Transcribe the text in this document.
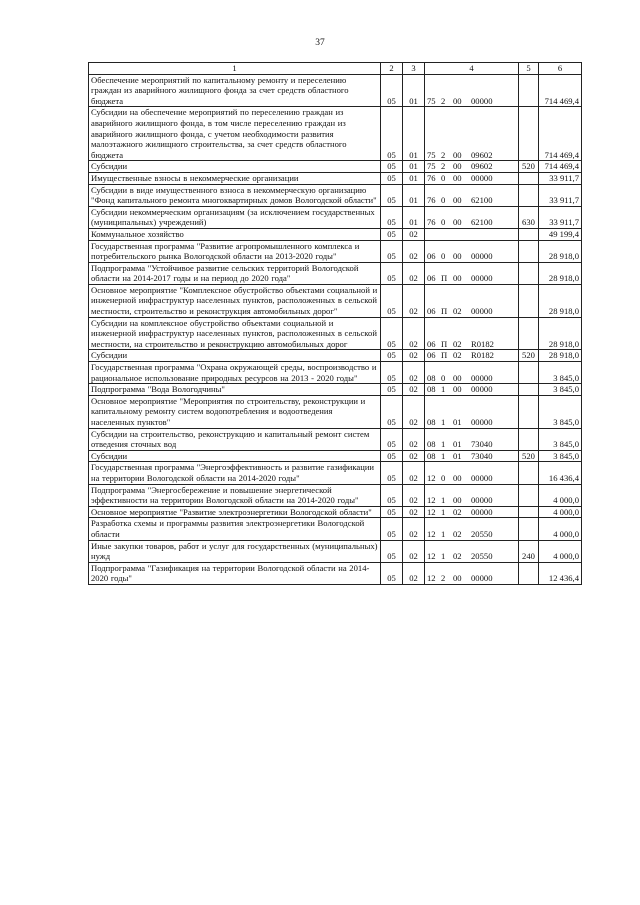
37
1	2	3	4	5	6
Обеспечение мероприятий по капитальному ремонту и переселению граждан из аварийного жилищного фонда за счет средств областного бюджета	05	01	75 2 00 00000		714 469,4
Субсидии на обеспечение мероприятий по переселению граждан из аварийного жилищного фонда, в том числе переселению граждан из аварийного жилищного фонда, с учетом необходимости развития малоэтажного жилищного строительства, за счет средств областного бюджета	05	01	75 2 00 09602		714 469,4
Субсидии	05	01	75 2 00 09602	520	714 469,4
Имущественные взносы в некоммерческие организации	05	01	76 0 00 00000		33 911,7
Субсидии в виде имущественного взноса в некоммерческую организацию "Фонд капитального ремонта многоквартирных домов Вологодской области"	05	01	76 0 00 62100		33 911,7
Субсидии некоммерческим организациям (за исключением государственных (муниципальных) учреждений)	05	01	76 0 00 62100	630	33 911,7
Коммунальное хозяйство	05	02			49 199,4
Государственная программа "Развитие агропромышленного комплекса и потребительского рынка Вологодской области на 2013-2020 годы"	05	02	06 0 00 00000		28 918,0
Подпрограмма "Устойчивое развитие сельских территорий Вологодской области на 2014-2017 годы и на период до 2020 года"	05	02	06 П 00 00000		28 918,0
Основное мероприятие "Комплексное обустройство объектами социальной и инженерной инфраструктур населенных пунктов, расположенных в сельской местности, строительство и реконструкция автомобильных дорог"	05	02	06 П 02 00000		28 918,0
Субсидии на комплексное обустройство объектами социальной и инженерной инфраструктур населенных пунктов, расположенных в сельской местности, на строительство и реконструкцию автомобильных дорог	05	02	06 П 02 R0182		28 918,0
Субсидии	05	02	06 П 02 R0182	520	28 918,0
Государственная программа "Охрана окружающей среды, воспроизводство и рациональное использование природных ресурсов на 2013 - 2020 годы"	05	02	08 0 00 00000		3 845,0
Подпрограмма "Вода Вологодчины"	05	02	08 1 00 00000		3 845,0
Основное мероприятие "Мероприятия по строительству, реконструкции и капитальному ремонту систем водопотребления и водоотведения населенных пунктов"	05	02	08 1 01 00000		3 845,0
Субсидии на строительство, реконструкцию и капитальный ремонт систем отведения сточных вод	05	02	08 1 01 73040		3 845,0
Субсидии	05	02	08 1 01 73040	520	3 845,0
Государственная программа "Энергоэффективность и развитие газификации на территории Вологодской области на 2014-2020 годы"	05	02	12 0 00 00000		16 436,4
Подпрограмма "Энергосбережение и повышение энергетической эффективности на территории Вологодской области на 2014-2020 годы"	05	02	12 1 00 00000		4 000,0
Основное мероприятие "Развитие электроэнергетики Вологодской области"	05	02	12 1 02 00000		4 000,0
Разработка схемы и программы развития электроэнергетики Вологодской области	05	02	12 1 02 20550		4 000,0
Иные закупки товаров, работ и услуг для государственных (муниципальных) нужд	05	02	12 1 02 20550	240	4 000,0
Подпрограмма "Газификация на территории Вологодской области на 2014-2020 годы"	05	02	12 2 00 00000		12 436,4
